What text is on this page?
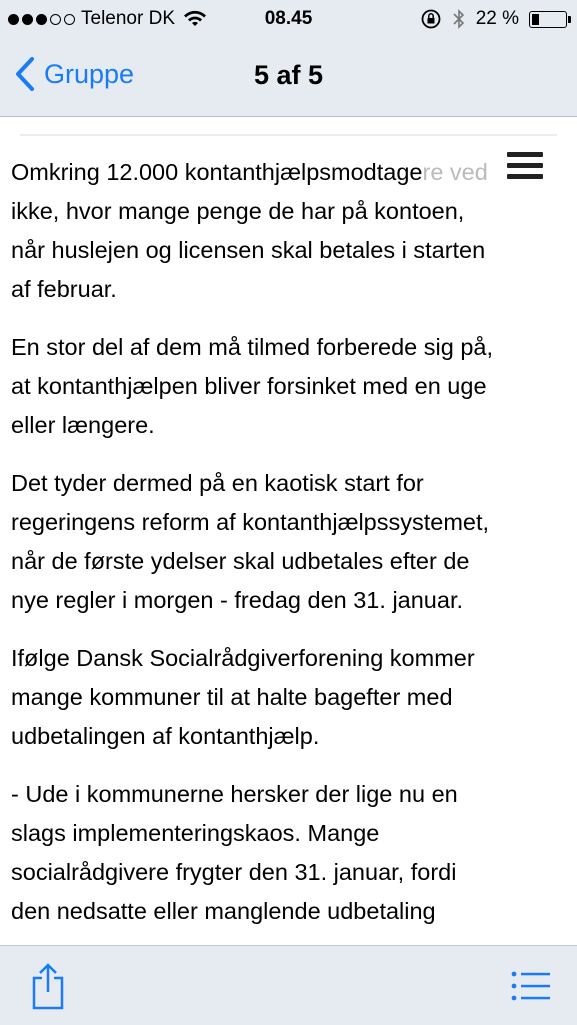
Telenor DK	08.45	22 %
Gruppe	5 af 5

Omkring 12.000 kontanthjælpsmodtagere ved
ikke, hvor mange penge de har på kontoen,
når huslejen og licensen skal betales i starten
af februar.

En stor del af dem må tilmed forberede sig på,
at kontanthjælpen bliver forsinket med en uge
eller længere.

Det tyder dermed på en kaotisk start for
regeringens reform af kontanthjælpssystemet,
når de første ydelser skal udbetales efter de
nye regler i morgen - fredag den 31. januar.

Ifølge Dansk Socialrådgiverforening kommer
mange kommuner til at halte bagefter med
udbetalingen af kontanthjælp.

- Ude i kommunerne hersker der lige nu en
slags implementeringskaos. Mange
socialrådgivere frygter den 31. januar, fordi
den nedsatte eller manglende udbetaling
